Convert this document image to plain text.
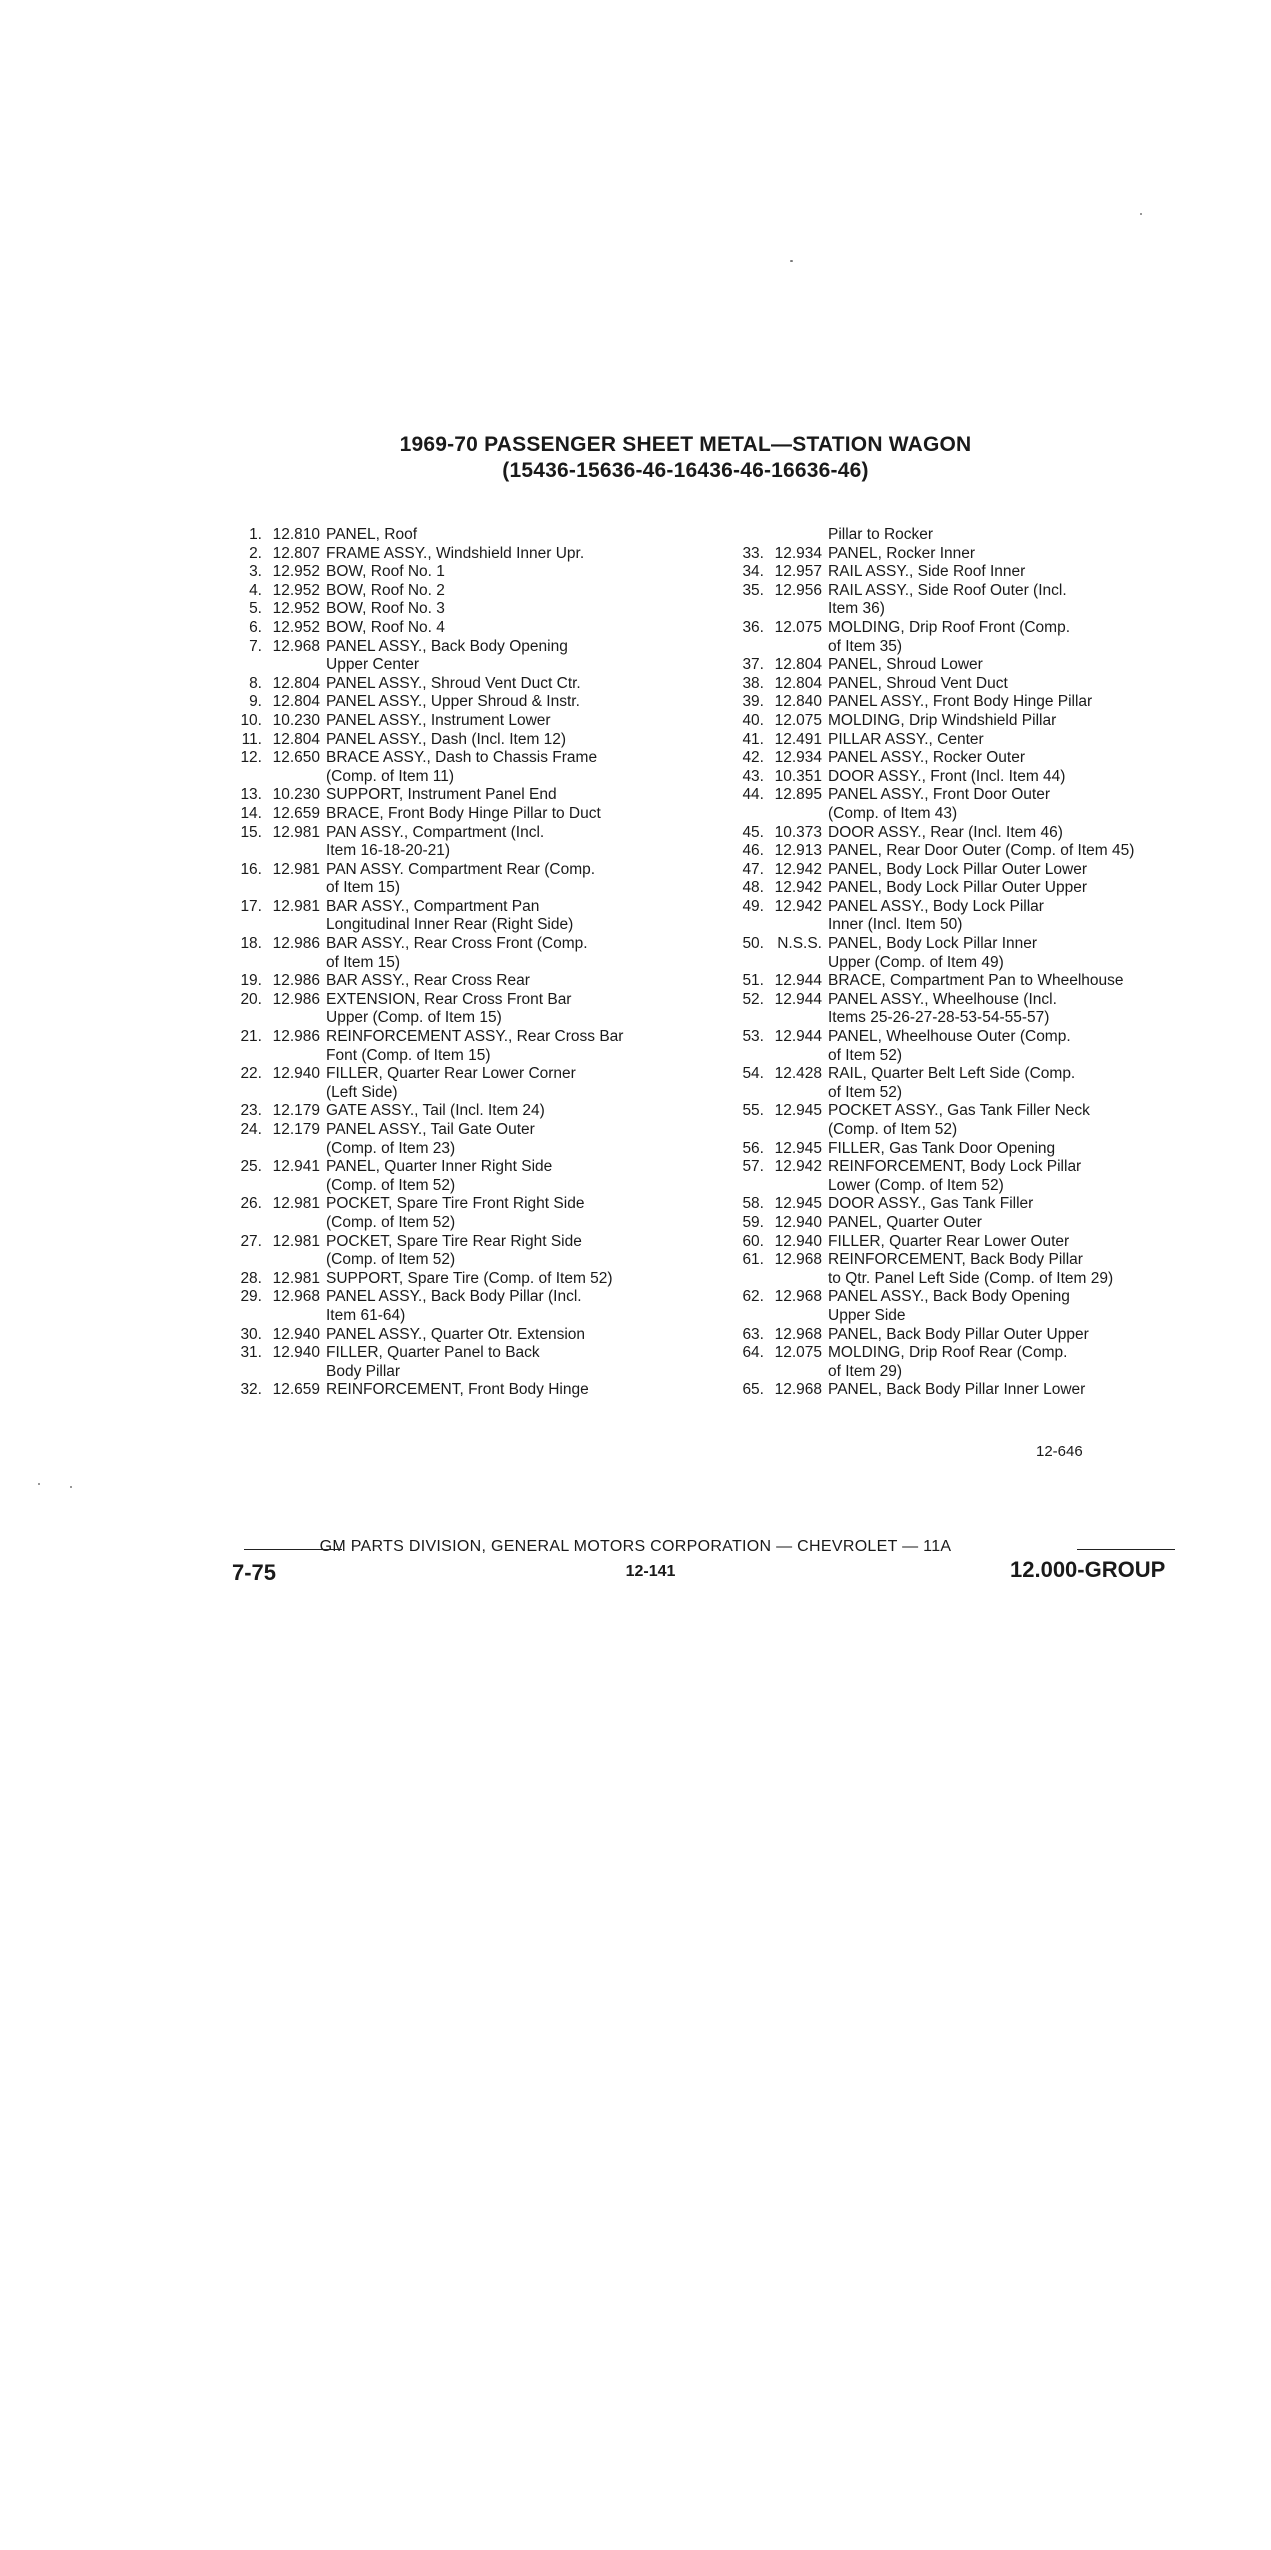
1969-70 PASSENGER SHEET METAL—STATION WAGON
(15436-15636-46-16436-46-16636-46)
1. 12.810 PANEL, Roof
2. 12.807 FRAME ASSY., Windshield Inner Upr.
3. 12.952 BOW, Roof No. 1
4. 12.952 BOW, Roof No. 2
5. 12.952 BOW, Roof No. 3
6. 12.952 BOW, Roof No. 4
7. 12.968 PANEL ASSY., Back Body Opening
Upper Center
8. 12.804 PANEL ASSY., Shroud Vent Duct Ctr.
9. 12.804 PANEL ASSY., Upper Shroud & Instr.
10. 10.230 PANEL ASSY., Instrument Lower
11. 12.804 PANEL ASSY., Dash (Incl. Item 12)
12. 12.650 BRACE ASSY., Dash to Chassis Frame
(Comp. of Item 11)
13. 10.230 SUPPORT, Instrument Panel End
14. 12.659 BRACE, Front Body Hinge Pillar to Duct
15. 12.981 PAN ASSY., Compartment (Incl.
Item 16-18-20-21)
16. 12.981 PAN ASSY. Compartment Rear (Comp.
of Item 15)
17. 12.981 BAR ASSY., Compartment Pan
Longitudinal Inner Rear (Right Side)
18. 12.986 BAR ASSY., Rear Cross Front (Comp.
of Item 15)
19. 12.986 BAR ASSY., Rear Cross Rear
20. 12.986 EXTENSION, Rear Cross Front Bar
Upper (Comp. of Item 15)
21. 12.986 REINFORCEMENT ASSY., Rear Cross Bar
Font (Comp. of Item 15)
22. 12.940 FILLER, Quarter Rear Lower Corner
(Left Side)
23. 12.179 GATE ASSY., Tail (Incl. Item 24)
24. 12.179 PANEL ASSY., Tail Gate Outer
(Comp. of Item 23)
25. 12.941 PANEL, Quarter Inner Right Side
(Comp. of Item 52)
26. 12.981 POCKET, Spare Tire Front Right Side
(Comp. of Item 52)
27. 12.981 POCKET, Spare Tire Rear Right Side
(Comp. of Item 52)
28. 12.981 SUPPORT, Spare Tire (Comp. of Item 52)
29. 12.968 PANEL ASSY., Back Body Pillar (Incl.
Item 61-64)
30. 12.940 PANEL ASSY., Quarter Otr. Extension
31. 12.940 FILLER, Quarter Panel to Back
Body Pillar
32. 12.659 REINFORCEMENT, Front Body Hinge
Pillar to Rocker
33. 12.934 PANEL, Rocker Inner
34. 12.957 RAIL ASSY., Side Roof Inner
35. 12.956 RAIL ASSY., Side Roof Outer (Incl.
Item 36)
36. 12.075 MOLDING, Drip Roof Front (Comp.
of Item 35)
37. 12.804 PANEL, Shroud Lower
38. 12.804 PANEL, Shroud Vent Duct
39. 12.840 PANEL ASSY., Front Body Hinge Pillar
40. 12.075 MOLDING, Drip Windshield Pillar
41. 12.491 PILLAR ASSY., Center
42. 12.934 PANEL ASSY., Rocker Outer
43. 10.351 DOOR ASSY., Front (Incl. Item 44)
44. 12.895 PANEL ASSY., Front Door Outer
(Comp. of Item 43)
45. 10.373 DOOR ASSY., Rear (Incl. Item 46)
46. 12.913 PANEL, Rear Door Outer (Comp. of Item 45)
47. 12.942 PANEL, Body Lock Pillar Outer Lower
48. 12.942 PANEL, Body Lock Pillar Outer Upper
49. 12.942 PANEL ASSY., Body Lock Pillar
Inner (Incl. Item 50)
50. N.S.S. PANEL, Body Lock Pillar Inner
Upper (Comp. of Item 49)
51. 12.944 BRACE, Compartment Pan to Wheelhouse
52. 12.944 PANEL ASSY., Wheelhouse (Incl.
Items 25-26-27-28-53-54-55-57)
53. 12.944 PANEL, Wheelhouse Outer (Comp.
of Item 52)
54. 12.428 RAIL, Quarter Belt Left Side (Comp.
of Item 52)
55. 12.945 POCKET ASSY., Gas Tank Filler Neck
(Comp. of Item 52)
56. 12.945 FILLER, Gas Tank Door Opening
57. 12.942 REINFORCEMENT, Body Lock Pillar
Lower (Comp. of Item 52)
58. 12.945 DOOR ASSY., Gas Tank Filler
59. 12.940 PANEL, Quarter Outer
60. 12.940 FILLER, Quarter Rear Lower Outer
61. 12.968 REINFORCEMENT, Back Body Pillar
to Qtr. Panel Left Side (Comp. of Item 29)
62. 12.968 PANEL ASSY., Back Body Opening
Upper Side
63. 12.968 PANEL, Back Body Pillar Outer Upper
64. 12.075 MOLDING, Drip Roof Rear (Comp.
of Item 29)
65. 12.968 PANEL, Back Body Pillar Inner Lower
12-646
GM PARTS DIVISION, GENERAL MOTORS CORPORATION — CHEVROLET — 11A
12-141
7-75	12.000-GROUP
